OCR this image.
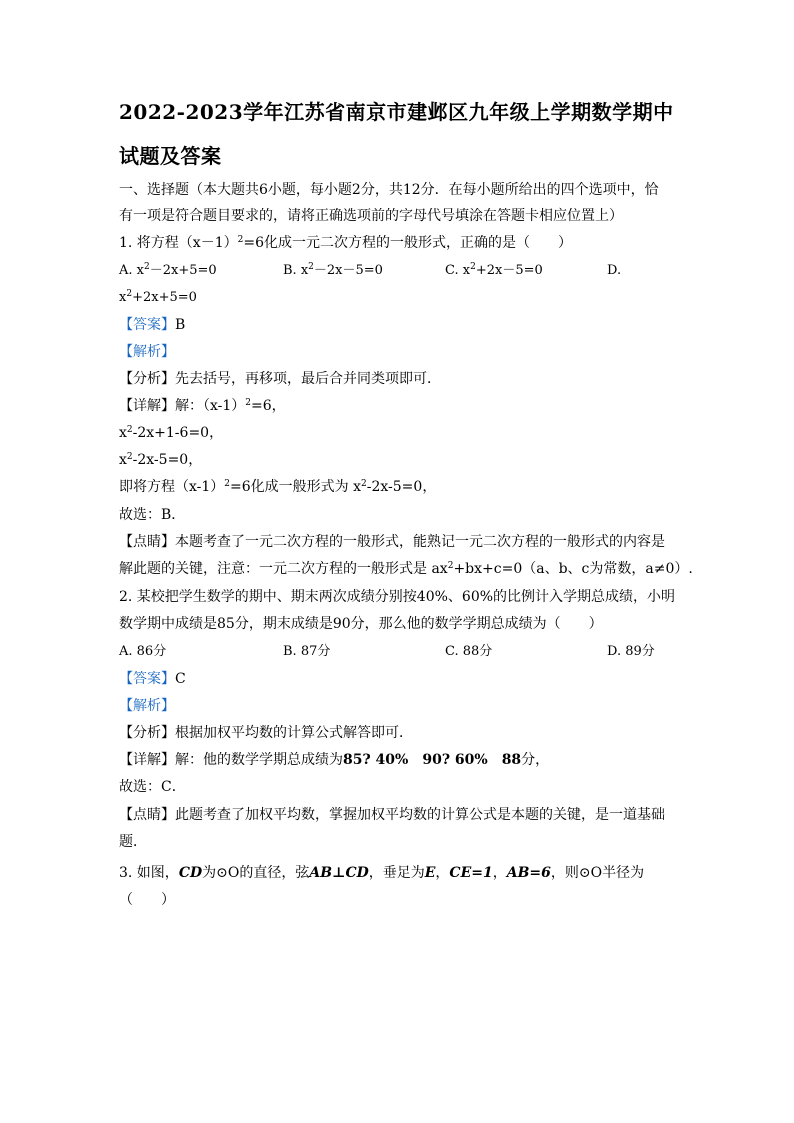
2022-2023学年江苏省南京市建邺区九年级上学期数学期中
试题及答案
一、选择题（本大题共6小题，每小题2分，共12分．在每小题所给出的四个选项中，恰
有一项是符合题目要求的，请将正确选项前的字母代号填涂在答题卡相应位置上）
1. 将方程$(x-1)^2=6$化成一元二次方程的一般形式，正确的是（　　）
A. $x^2-2x+5=0$	B. $x^2-2x-5=0$	C. $x^2+2x-5=0$	D.
$x^2+2x+5=0$
【答案】B
【解析】
【分析】先去括号，再移项，最后合并同类项即可．
【详解】解：$(x-1)^2=6$，
$x^2-2x+1-6=0$，
$x^2-2x-5=0$，
即将方程$(x-1)^2=6$化成一般形式为 $x^2-2x-5=0$，
故选：B．
【点睛】本题考查了一元二次方程的一般形式，能熟记一元二次方程的一般形式的内容是
解此题的关键，注意：一元二次方程的一般形式是 $ax^2+bx+c=0(a$、b、c为常数，a≠0）.
2. 某校把学生数学的期中、期末两次成绩分别按40%、60%的比例计入学期总成绩，小明
数学期中成绩是85分，期末成绩是90分，那么他的数学学期总成绩为（　　）
A. 86分	B. 87分	C. 88分	D. 89分
【答案】C
【解析】
【分析】根据加权平均数的计算公式解答即可．
【详解】解：他的数学学期总成绩为85? 40%　90? 60%　88分，
故选：C．
【点睛】此题考查了加权平均数，掌握加权平均数的计算公式是本题的关键，是一道基础
题．
3. 如图，CD为⊙O的直径，弦AB⊥CD，垂足为E，CE=1，AB=6，则⊙O半径为
（　　）
